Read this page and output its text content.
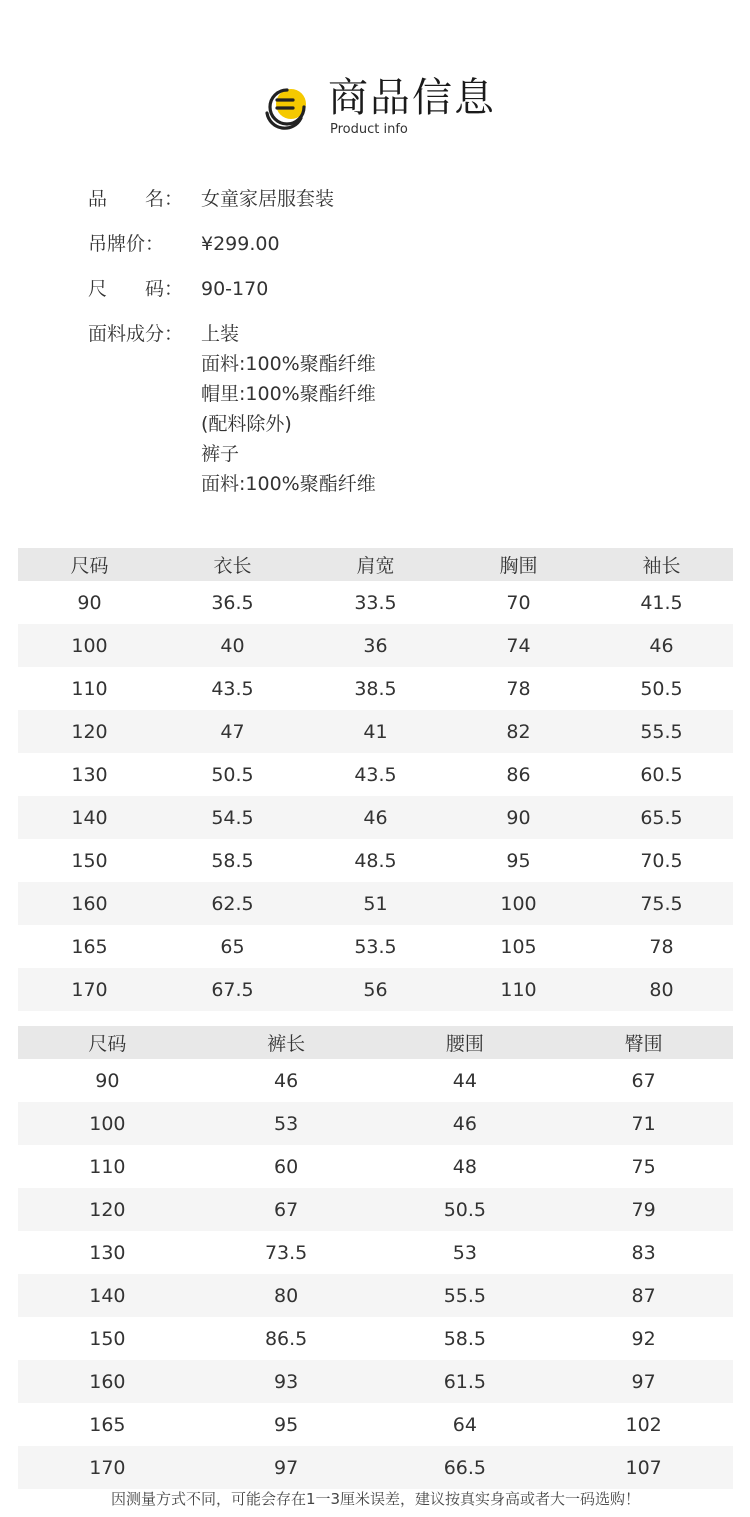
商品信息
Product info
品　　名： 女童家居服套装
吊牌价：	¥299.00
尺　　码： 90-170
面料成分： 上装
面料:100%聚酯纤维
帽里:100%聚酯纤维
(配料除外)
裤子
面料:100%聚酯纤维
尺码	衣长	肩宽	胸围	袖长
90	36.5	33.5	70	41.5
100	40	36	74	46
110	43.5	38.5	78	50.5
120	47	41	82	55.5
130	50.5	43.5	86	60.5
140	54.5	46	90	65.5
150	58.5	48.5	95	70.5
160	62.5	51	100	75.5
165	65	53.5	105	78
170	67.5	56	110	80
尺码	裤长	腰围	臀围
90	46	44	67
100	53	46	71
110	60	48	75
120	67	50.5	79
130	73.5	53	83
140	80	55.5	87
150	86.5	58.5	92
160	93	61.5	97
165	95	64	102
170	97	66.5	107
因测量方式不同，可能会存在1一3厘米误差，建议按真实身高或者大一码选购！
